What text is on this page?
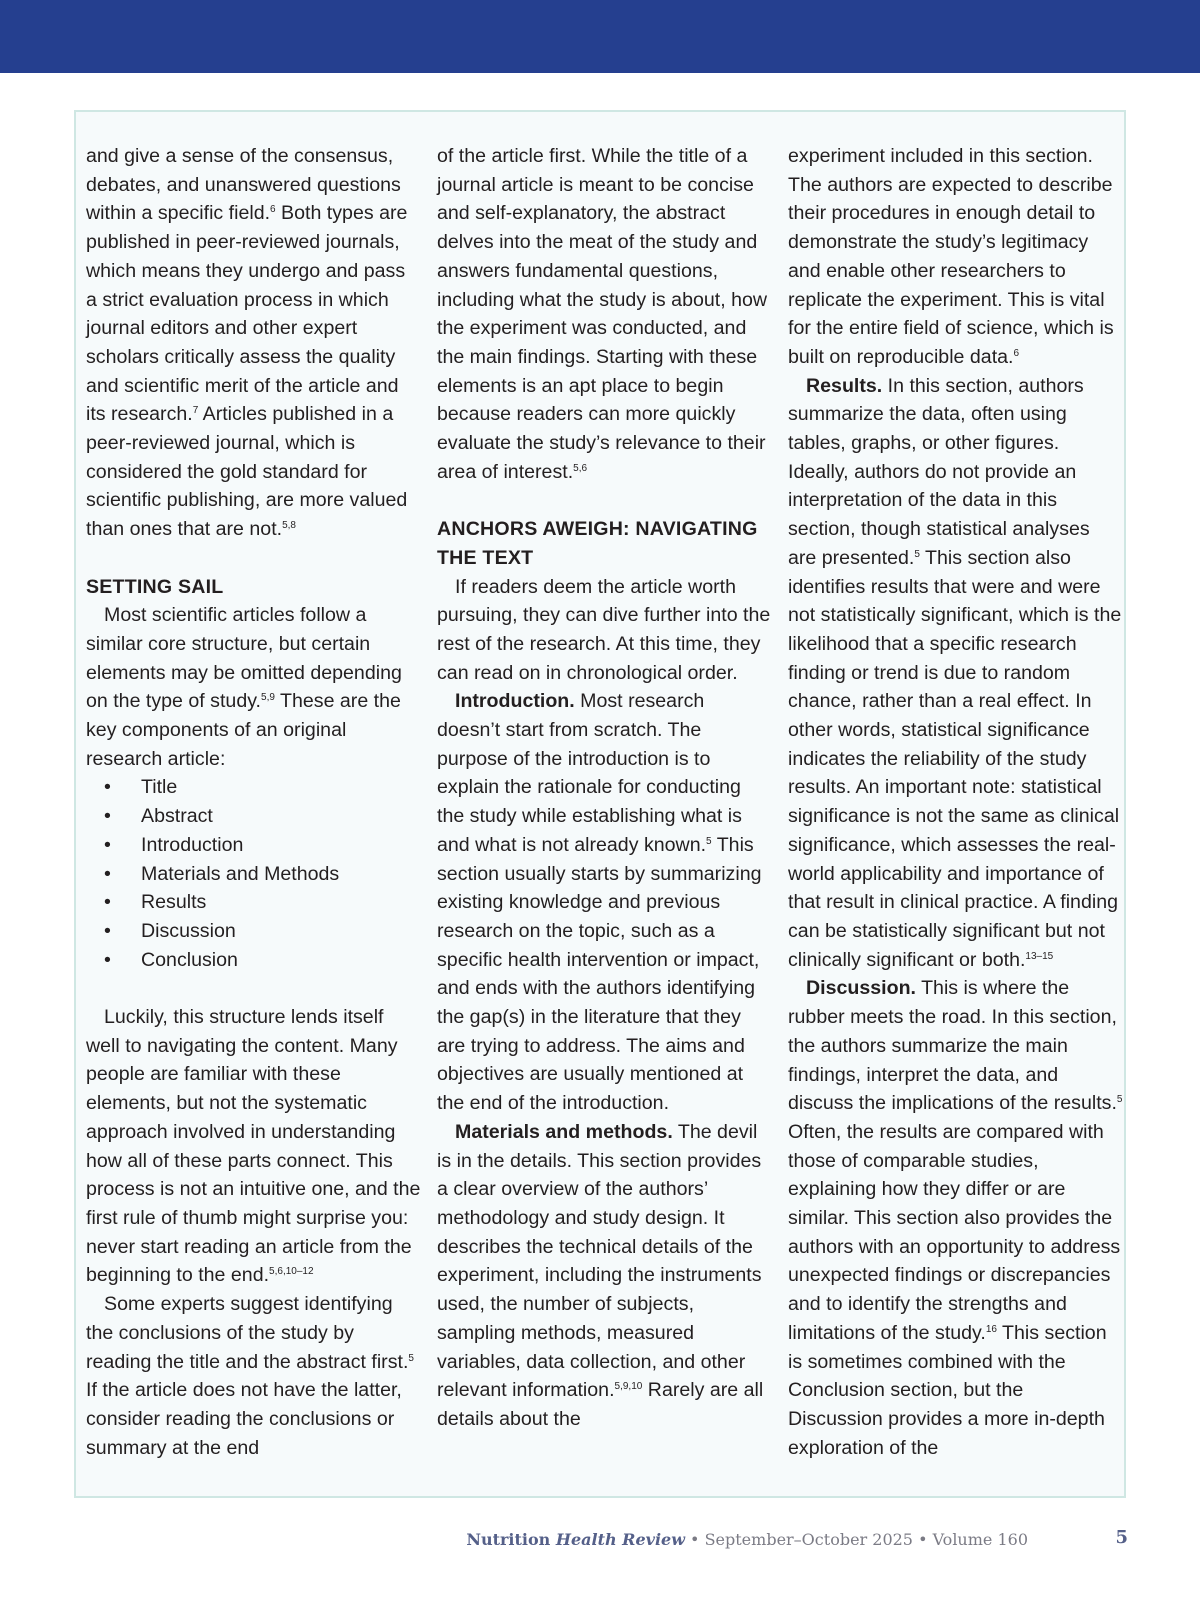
and give a sense of the consensus, debates, and unanswered questions within a specific field.$^6$ Both types are published in peer-reviewed journals, which means they undergo and pass a strict evaluation process in which journal editors and other expert scholars critically assess the quality and scientific merit of the article and its research.$^7$ Articles published in a peer-reviewed journal, which is considered the gold standard for scientific publishing, are more valued than ones that are not.$^{5,8}$

SETTING SAIL

Most scientific articles follow a similar core structure, but certain elements may be omitted depending on the type of study.$^{5,9}$ These are the key components of an original research article:

• Title
• Abstract
• Introduction
• Materials and Methods
• Results
• Discussion
• Conclusion

Luckily, this structure lends itself well to navigating the content. Many people are familiar with these elements, but not the systematic approach involved in understanding how all of these parts connect. This process is not an intuitive one, and the first rule of thumb might surprise you: never start reading an article from the beginning to the end.$^{5,6,10-12}$

Some experts suggest identifying the conclusions of the study by reading the title and the abstract first.$^5$ If the article does not have the latter, consider reading the conclusions or summary at the end

of the article first. While the title of a journal article is meant to be concise and self-explanatory, the abstract delves into the meat of the study and answers fundamental questions, including what the study is about, how the experiment was conducted, and the main findings. Starting with these elements is an apt place to begin because readers can more quickly evaluate the study’s relevance to their area of interest.$^{5,6}$

ANCHORS AWEIGH: NAVIGATING
THE TEXT

If readers deem the article worth pursuing, they can dive further into the rest of the research. At this time, they can read on in chronological order.

Introduction. Most research doesn’t start from scratch. The purpose of the introduction is to explain the rationale for conducting the study while establishing what is and what is not already known.$^5$ This section usually starts by summarizing existing knowledge and previous research on the topic, such as a specific health intervention or impact, and ends with the authors identifying the gap(s) in the literature that they are trying to address. The aims and objectives are usually mentioned at the end of the introduction.

Materials and methods. The devil is in the details. This section provides a clear overview of the authors’ methodology and study design. It describes the technical details of the experiment, including the instruments used, the number of subjects, sampling methods, measured variables, data collection, and other relevant information.$^{5,9,10}$ Rarely are all details about the

experiment included in this section. The authors are expected to describe their procedures in enough detail to demonstrate the study’s legitimacy and enable other researchers to replicate the experiment. This is vital for the entire field of science, which is built on reproducible data.$^6$

Results. In this section, authors summarize the data, often using tables, graphs, or other figures. Ideally, authors do not provide an interpretation of the data in this section, though statistical analyses are presented.$^5$ This section also identifies results that were and were not statistically significant, which is the likelihood that a specific research finding or trend is due to random chance, rather than a real effect. In other words, statistical significance indicates the reliability of the study results. An important note: statistical significance is not the same as clinical significance, which assesses the real-world applicability and importance of that result in clinical practice. A finding can be statistically significant but not clinically significant or both.$^{13-15}$

Discussion. This is where the rubber meets the road. In this section, the authors summarize the main findings, interpret the data, and discuss the implications of the results.$^5$ Often, the results are compared with those of comparable studies, explaining how they differ or are similar. This section also provides the authors with an opportunity to address unexpected findings or discrepancies and to identify the strengths and limitations of the study.$^{16}$ This section is sometimes combined with the Conclusion section, but the Discussion provides a more in-depth exploration of the

Nutrition Health Review • September–October 2025 • Volume 160	5
